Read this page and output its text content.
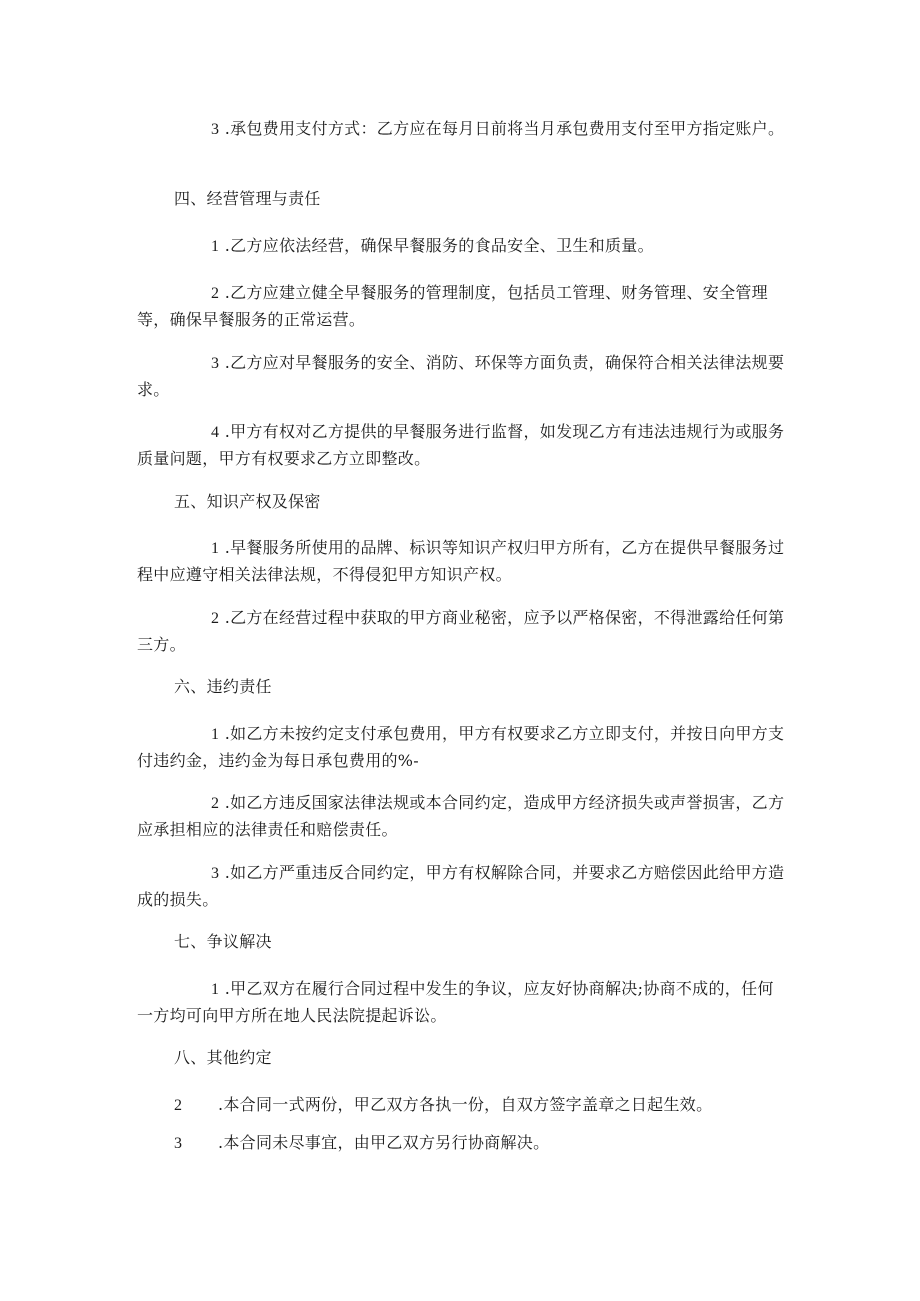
3 .承包费用支付方式：乙方应在每月日前将当月承包费用支付至甲方指定账户。
四、经营管理与责任
1 .乙方应依法经营，确保早餐服务的食品安全、卫生和质量。
2 .乙方应建立健全早餐服务的管理制度，包括员工管理、财务管理、安全管理等，确保早餐服务的正常运营。
3 .乙方应对早餐服务的安全、消防、环保等方面负责，确保符合相关法律法规要求。
4 .甲方有权对乙方提供的早餐服务进行监督，如发现乙方有违法违规行为或服务质量问题，甲方有权要求乙方立即整改。
五、知识产权及保密
1 .早餐服务所使用的品牌、标识等知识产权归甲方所有，乙方在提供早餐服务过程中应遵守相关法律法规，不得侵犯甲方知识产权。
2 .乙方在经营过程中获取的甲方商业秘密，应予以严格保密，不得泄露给任何第三方。
六、违约责任
1 .如乙方未按约定支付承包费用，甲方有权要求乙方立即支付，并按日向甲方支付违约金，违约金为每日承包费用的%-
2 .如乙方违反国家法律法规或本合同约定，造成甲方经济损失或声誉损害，乙方应承担相应的法律责任和赔偿责任。
3 .如乙方严重违反合同约定，甲方有权解除合同，并要求乙方赔偿因此给甲方造成的损失。
七、争议解决
1 .甲乙双方在履行合同过程中发生的争议，应友好协商解决;协商不成的，任何一方均可向甲方所在地人民法院提起诉讼。
八、其他约定
2 .本合同一式两份，甲乙双方各执一份，自双方签字盖章之日起生效。
3 .本合同未尽事宜，由甲乙双方另行协商解决。
